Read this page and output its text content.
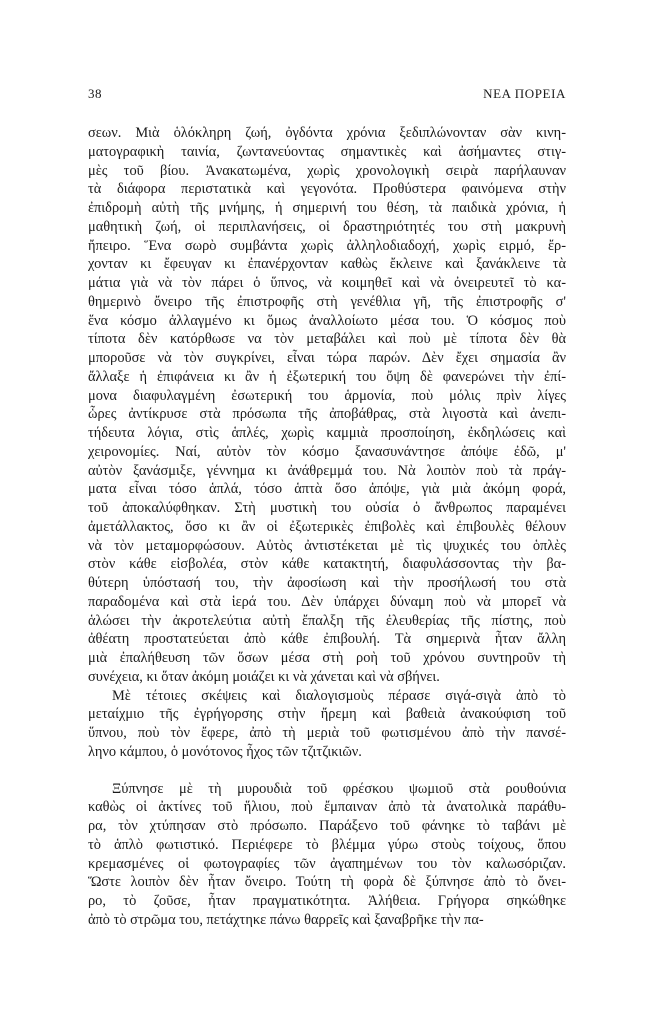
38	ΝΕΑ ΠΟΡΕΙΑ
σεων. Μιὰ ὁλόκληρη ζωή, ὀγδόντα χρόνια ξεδιπλώνονταν σὰν κινη-
ματογραφικὴ ταινία, ζωντανεύοντας σημαντικὲς καὶ ἀσήμαντες στιγ-
μὲς τοῦ βίου. Ἀνακατωμένα, χωρὶς χρονολογικὴ σειρὰ παρήλαυναν
τὰ διάφορα περιστατικὰ καὶ γεγονότα. Προθύστερα φαινόμενα στὴν
ἐπιδρομὴ αὐτὴ τῆς μνήμης, ἡ σημερινή του θέση, τὰ παιδικὰ χρόνια, ἡ
μαθητικὴ ζωή, οἱ περιπλανήσεις, οἱ δραστηριότητές του στὴ μακρυνὴ
ἤπειρο. Ἕνα σωρὸ συμβάντα χωρὶς ἀλληλοδιαδοχή, χωρὶς ειρμό, ἔρ-
χονταν κι ἔφευγαν κι ἐπανέρχονταν καθὼς ἔκλεινε καὶ ξανάκλεινε τὰ
μάτια γιὰ νὰ τὸν πάρει ὁ ὕπνος, νὰ κοιμηθεῖ καὶ νὰ ὀνειρευτεῖ τὸ κα-
θημερινὸ ὄνειρο τῆς ἐπιστροφῆς στὴ γενέθλια γῆ, τῆς ἐπιστροφῆς σ'
ἕνα κόσμο ἀλλαγμένο κι ὅμως ἀναλλοίωτο μέσα του. Ὁ κόσμος ποὺ
τίποτα δὲν κατόρθωσε να τὸν μεταβάλει καὶ ποὺ μὲ τίποτα δὲν θὰ
μποροῦσε νὰ τὸν συγκρίνει, εἶναι τώρα παρών. Δὲν ἔχει σημασία ἂν
ἄλλαξε ἡ ἐπιφάνεια κι ἂν ἡ ἐξωτερική του ὄψη δὲ φανερώνει τὴν ἐπί-
μονα διαφυλαγμένη ἐσωτερική του ἁρμονία, ποὺ μόλις πρὶν λίγες
ὧρες ἀντίκρυσε στὰ πρόσωπα τῆς ἀποβάθρας, στὰ λιγοστὰ καὶ ἀνεπι-
τήδευτα λόγια, στὶς ἁπλές, χωρὶς καμμιὰ προσποίηση, ἐκδηλώσεις καὶ
χειρονομίες. Ναί, αὐτὸν τὸν κόσμο ξανασυνάντησε ἀπόψε ἐδῶ, μ'
αὐτὸν ξανάσμιξε, γέννημα κι ἀνάθρεμμά του. Νὰ λοιπὸν ποὺ τὰ πράγ-
ματα εἶναι τόσο ἁπλά, τόσο ἁπτὰ ὅσο ἀπόψε, γιὰ μιὰ ἀκόμη φορά,
τοῦ ἀποκαλύφθηκαν. Στὴ μυστικὴ του οὐσία ὁ ἄνθρωπος παραμένει
ἀμετάλλακτος, ὅσο κι ἂν οἱ ἐξωτερικὲς ἐπιβολὲς καὶ ἐπιβουλὲς θέλουν
νὰ τὸν μεταμορφώσουν. Αὐτὸς ἀντιστέκεται μὲ τὶς ψυχικές του ὁπλὲς
στὸν κάθε εἰσβολέα, στὸν κάθε κατακτητή, διαφυλάσσοντας τὴν βα-
θύτερη ὑπόστασή του, τὴν ἀφοσίωση καὶ τὴν προσήλωσή του στὰ
παραδομένα καὶ στὰ ἱερά του. Δὲν ὑπάρχει δύναμη ποὺ νὰ μπορεῖ νὰ
ἁλώσει τὴν ἀκροτελεύτια αὐτὴ ἔπαλξη τῆς ἐλευθερίας τῆς πίστης, ποὺ
ἀθέατη προστατεύεται ἀπὸ κάθε ἐπιβουλή. Τὰ σημερινὰ ἦταν ἄλλη
μιὰ ἐπαλήθευση τῶν ὅσων μέσα στὴ ροὴ τοῦ χρόνου συντηροῦν τὴ
συνέχεια, κι ὅταν ἀκόμη μοιάζει κι νὰ χάνεται καὶ νὰ σβήνει.
Μὲ τέτοιες σκέψεις καὶ διαλογισμοὺς πέρασε σιγά-σιγὰ ἀπὸ τὸ
μεταίχμιο τῆς ἐγρήγορσης στὴν ἤρεμη καὶ βαθειὰ ἀνακούφιση τοῦ
ὕπνου, ποὺ τὸν ἔφερε, ἀπὸ τὴ μεριὰ τοῦ φωτισμένου ἀπὸ τὴν πανσέ-
ληνο κάμπου, ὁ μονότονος ἦχος τῶν τζιτζικιῶν.
Ξύπνησε μὲ τὴ μυρουδιὰ τοῦ φρέσκου ψωμιοῦ στὰ ρουθούνια
καθὼς οἱ ἀκτίνες τοῦ ἥλιου, ποὺ ἔμπαιναν ἀπὸ τὰ ἀνατολικὰ παράθυ-
ρα, τὸν χτύπησαν στὸ πρόσωπο. Παράξενο τοῦ φάνηκε τὸ ταβάνι μὲ
τὸ ἁπλὸ φωτιστικό. Περιέφερε τὸ βλέμμα γύρω στοὺς τοίχους, ὅπου
κρεμασμένες οἱ φωτογραφίες τῶν ἀγαπημένων του τὸν καλωσόριζαν.
Ὥστε λοιπὸν δὲν ἦταν ὄνειρο. Τούτη τὴ φορὰ δὲ ξύπνησε ἀπὸ τὸ ὄνει-
ρο, τὸ ζοῦσε, ἦταν πραγματικότητα. Ἀλήθεια. Γρήγορα σηκώθηκε
ἀπὸ τὸ στρῶμα του, πετάχτηκε πάνω θαρρεῖς καὶ ξαναβρῆκε τὴν πα-
